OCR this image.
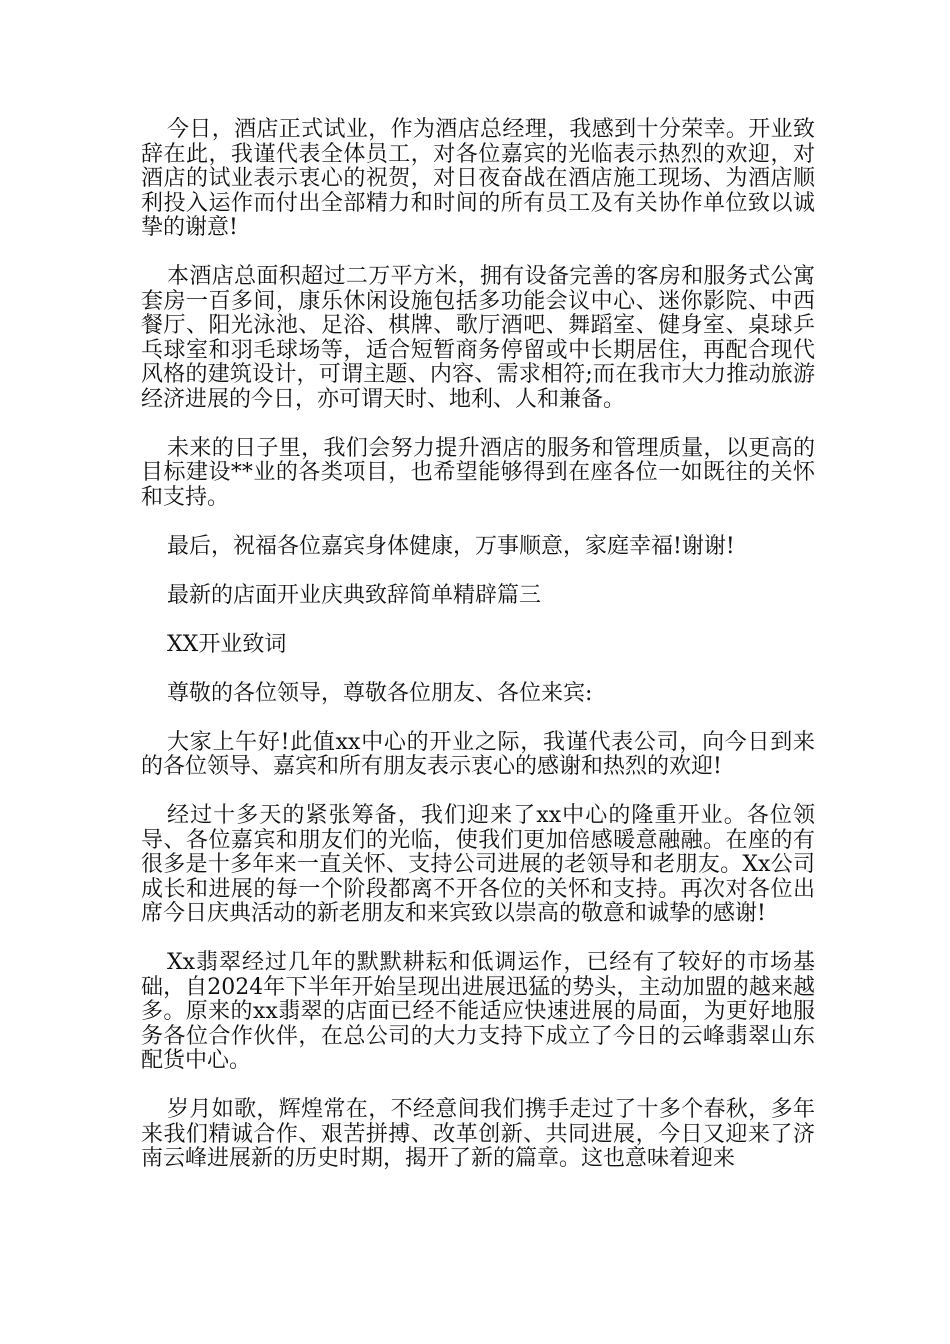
今日，酒店正式试业，作为酒店总经理，我感到十分荣幸。开业致辞在此，我谨代表全体员工，对各位嘉宾的光临表示热烈的欢迎，对酒店的试业表示衷心的祝贺，对日夜奋战在酒店施工现场、为酒店顺利投入运作而付出全部精力和时间的所有员工及有关协作单位致以诚挚的谢意!

本酒店总面积超过二万平方米，拥有设备完善的客房和服务式公寓套房一百多间，康乐休闲设施包括多功能会议中心、迷你影院、中西餐厅、阳光泳池、足浴、棋牌、歌厅酒吧、舞蹈室、健身室、桌球乒乓球室和羽毛球场等，适合短暂商务停留或中长期居住，再配合现代风格的建筑设计，可谓主题、内容、需求相符;而在我市大力推动旅游经济进展的今日，亦可谓天时、地利、人和兼备。

未来的日子里，我们会努力提升酒店的服务和管理质量，以更高的目标建设**业的各类项目，也希望能够得到在座各位一如既往的关怀和支持。

最后，祝福各位嘉宾身体健康，万事顺意，家庭幸福!谢谢!

最新的店面开业庆典致辞简单精辟篇三

XX开业致词

尊敬的各位领导，尊敬各位朋友、各位来宾:

大家上午好!此值xx中心的开业之际，我谨代表公司，向今日到来的各位领导、嘉宾和所有朋友表示衷心的感谢和热烈的欢迎!

经过十多天的紧张筹备，我们迎来了xx中心的隆重开业。各位领导、各位嘉宾和朋友们的光临，使我们更加倍感暖意融融。在座的有很多是十多年来一直关怀、支持公司进展的老领导和老朋友。Xx公司成长和进展的每一个阶段都离不开各位的关怀和支持。再次对各位出席今日庆典活动的新老朋友和来宾致以崇高的敬意和诚挚的感谢!

Xx翡翠经过几年的默默耕耘和低调运作，已经有了较好的市场基础，自2024年下半年开始呈现出进展迅猛的势头，主动加盟的越来越多。原来的xx翡翠的店面已经不能适应快速进展的局面，为更好地服务各位合作伙伴，在总公司的大力支持下成立了今日的云峰翡翠山东配货中心。

岁月如歌，辉煌常在，不经意间我们携手走过了十多个春秋，多年来我们精诚合作、艰苦拼搏、改革创新、共同进展，今日又迎来了济南云峰进展新的历史时期，揭开了新的篇章。这也意味着迎来
